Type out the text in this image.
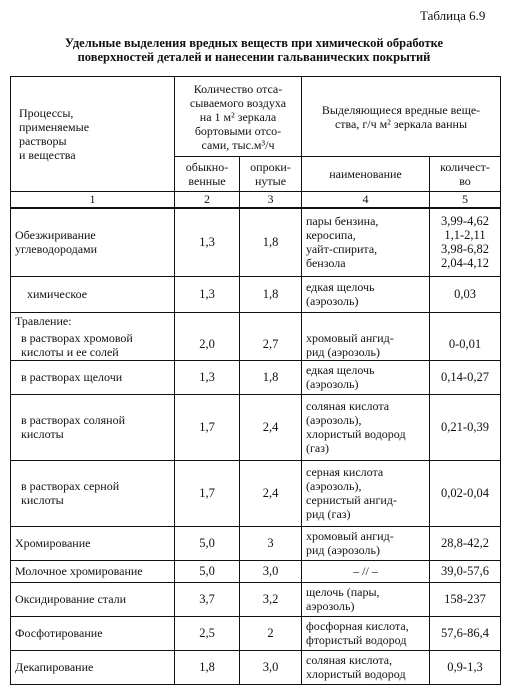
Таблица 6.9
Удельные выделения вредных веществ при химической обработке
поверхностей деталей и нанесении гальванических покрытий
Процессы,
применяемые
растворы
и вещества	Количество отса-
сываемого воздуха
на 1 м² зеркала
бортовыми отсо-
сами, тыс.м³/ч		Выделяющиеся вредные веще-
ства, г/ч м² зеркала ванны	
	обыкно-
венные	опроки-
нутые	наименование	количест-
во
1	2	3	4	5
Обезжиривание
углеводородами	1,3	1,8	пары бензина,
керосипа,
уайт-спирита,
бензола	3,99-4,62
1,1-2,11
3,98-6,82
2,04-4,12
химическое	1,3	1,8	едкая щелочь
(аэрозоль)	0,03
Травление:				
в растворах хромовой
кислоты и ее солей	2,0	2,7	хромовый ангид-
рид (аэрозоль)	0-0,01
в растворах щелочи	1,3	1,8	едкая щелочь
(аэрозоль)	0,14-0,27
в растворах соляной
кислоты	1,7	2,4	соляная кислота
(аэрозоль),
хлористый водород
(газ)	0,21-0,39
в растворах серной
кислоты	1,7	2,4	серная кислота
(аэрозоль),
сернистый ангид-
рид (газ)	0,02-0,04
Хромирование	5,0	3	хромовый ангид-
рид (аэрозоль)	28,8-42,2
Молочное хромирование	5,0	3,0	– // –	39,0-57,6
Оксидирование стали	3,7	3,2	щелочь (пары,
аэрозоль)	158-237
Фосфотирование	2,5	2	фосфорная кислота,
фтористый водород	57,6-86,4
Декапирование	1,8	3,0	соляная кислота,
хлористый водород	0,9-1,3
